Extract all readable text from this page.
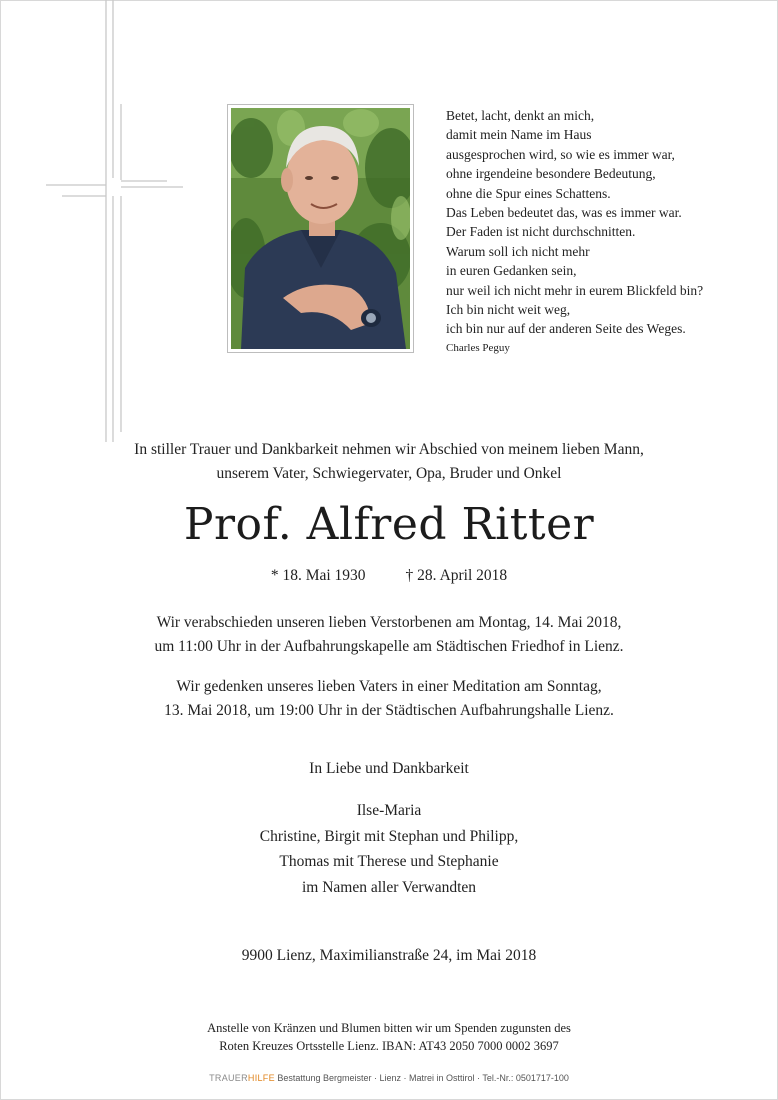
Betet, lacht, denkt an mich,
damit mein Name im Haus
ausgesprochen wird, so wie es immer war,
ohne irgendeine besondere Bedeutung,
ohne die Spur eines Schattens.
Das Leben bedeutet das, was es immer war.
Der Faden ist nicht durchschnitten.
Warum soll ich nicht mehr
in euren Gedanken sein,
nur weil ich nicht mehr in eurem Blickfeld bin?
Ich bin nicht weit weg,
ich bin nur auf der anderen Seite des Weges.
Charles Peguy
In stiller Trauer und Dankbarkeit nehmen wir Abschied von meinem lieben Mann,
unserem Vater, Schwiegervater, Opa, Bruder und Onkel
Prof. Alfred Ritter
* 18. Mai 1930	† 28. April 2018
Wir verabschieden unseren lieben Verstorbenen am Montag, 14. Mai 2018,
um 11:00 Uhr in der Aufbahrungskapelle am Städtischen Friedhof in Lienz.
Wir gedenken unseres lieben Vaters in einer Meditation am Sonntag,
13. Mai 2018, um 19:00 Uhr in der Städtischen Aufbahrungshalle Lienz.
In Liebe und Dankbarkeit
Ilse-Maria
Christine, Birgit mit Stephan und Philipp,
Thomas mit Therese und Stephanie
im Namen aller Verwandten
9900 Lienz, Maximilianstraße 24, im Mai 2018
Anstelle von Kränzen und Blumen bitten wir um Spenden zugunsten des
Roten Kreuzes Ortsstelle Lienz. IBAN: AT43 2050 7000 0002 3697
TRAUERHILFE Bestattung Bergmeister · Lienz · Matrei in Osttirol · Tel.-Nr.: 0501717-100
